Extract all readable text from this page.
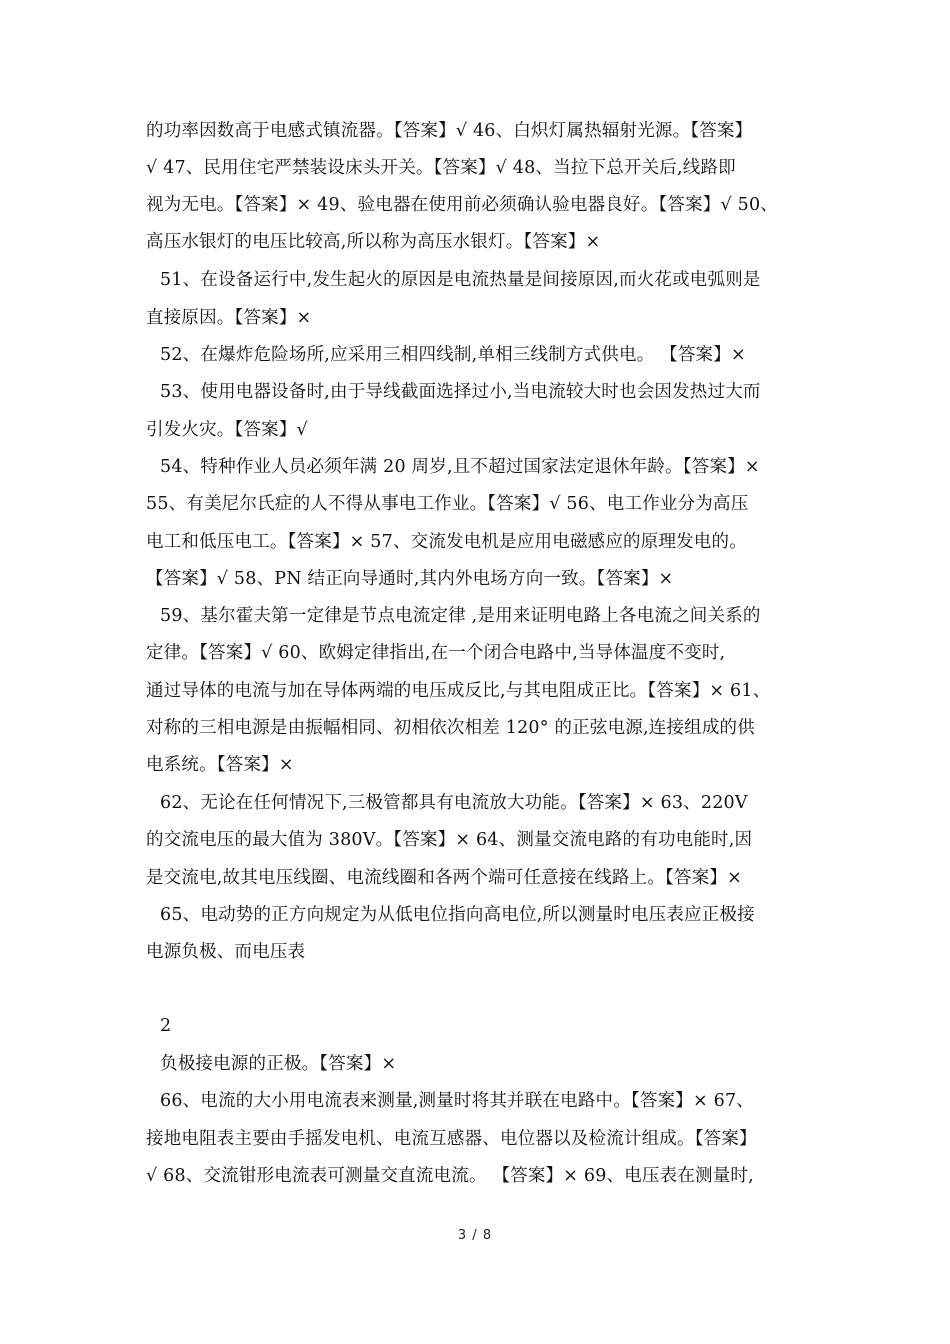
的功率因数高于电感式镇流器。【答案】√ 46、白炽灯属热辐射光源。【答案】
√ 47、民用住宅严禁装设床头开关。【答案】√ 48、当拉下总开关后,线路即
视为无电。【答案】× 49、验电器在使用前必须确认验电器良好。【答案】√ 50、
高压水银灯的电压比较高,所以称为高压水银灯。【答案】×
51、在设备运行中,发生起火的原因是电流热量是间接原因,而火花或电弧则是
直接原因。【答案】×
52、在爆炸危险场所,应采用三相四线制,单相三线制方式供电。 【答案】×
53、使用电器设备时,由于导线截面选择过小,当电流较大时也会因发热过大而
引发火灾。【答案】√
54、特种作业人员必须年满 20 周岁,且不超过国家法定退休年龄。【答案】×
55、有美尼尔氏症的人不得从事电工作业。【答案】√ 56、电工作业分为高压
电工和低压电工。【答案】× 57、交流发电机是应用电磁感应的原理发电的。
【答案】√ 58、PN 结正向导通时,其内外电场方向一致。【答案】×
59、基尔霍夫第一定律是节点电流定律 ,是用来证明电路上各电流之间关系的
定律。【答案】√ 60、欧姆定律指出,在一个闭合电路中,当导体温度不变时,
通过导体的电流与加在导体两端的电压成反比,与其电阻成正比。【答案】× 61、
对称的三相电源是由振幅相同、初相依次相差 120° 的正弦电源,连接组成的供
电系统。【答案】×
62、无论在任何情况下,三极管都具有电流放大功能。【答案】× 63、220V
的交流电压的最大值为 380V。【答案】× 64、测量交流电路的有功电能时,因
是交流电,故其电压线圈、电流线圈和各两个端可任意接在线路上。【答案】×
65、电动势的正方向规定为从低电位指向高电位,所以测量时电压表应正极接
电源负极、而电压表
2
负极接电源的正极。【答案】×
66、电流的大小用电流表来测量,测量时将其并联在电路中。【答案】× 67、
接地电阻表主要由手摇发电机、电流互感器、电位器以及检流计组成。【答案】
√ 68、交流钳形电流表可测量交直流电流。 【答案】× 69、电压表在测量时,
3 / 8
